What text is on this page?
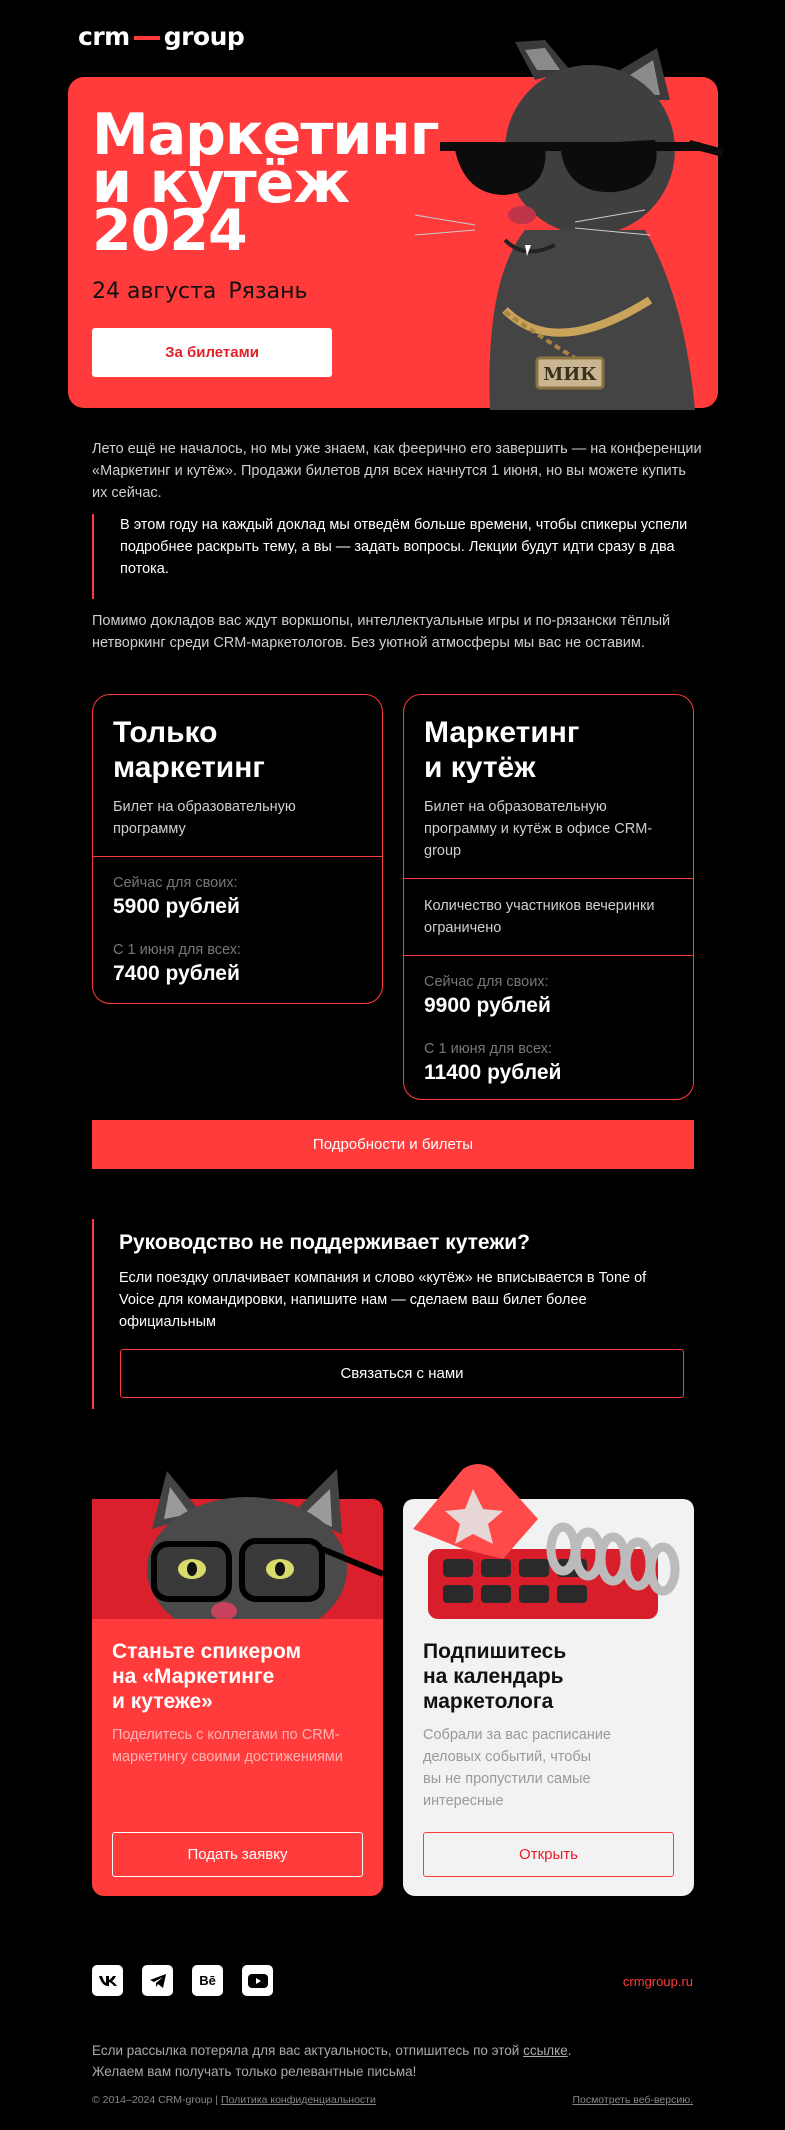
crm group
Маркетинг
и кутёж
2024
24 августа Рязань
За билетами
МИК

Лето ещё не началось, но мы уже знаем, как феерично его завершить — на конференции «Маркетинг и кутёж». Продажи билетов для всех начнутся 1 июня, но вы можете купить их сейчас.

В этом году на каждый доклад мы отведём больше времени, чтобы спикеры успели подробнее раскрыть тему, а вы — задать вопросы. Лекции будут идти сразу в два потока.

Помимо докладов вас ждут воркшопы, интеллектуальные игры и по-рязански тёплый нетворкинг среди CRM-маркетологов. Без уютной атмосферы мы вас не оставим.

Только
маркетинг

Билет на образовательную программу

Сейчас для своих:
5900 рублей
С 1 июня для всех:
7400 рублей
Маркетинг
и кутёж

Билет на образовательную программу и кутёж в офисе CRM-group

Количество участников вечеринки ограничено
Сейчас для своих:
9900 рублей
С 1 июня для всех:
11400 рублей
Подробности и билеты
Руководство не поддерживает кутежи?

Если поездку оплачивает компания и слово «кутёж» не вписывается в Tone of Voice для командировки, напишите нам — сделаем ваш билет более официальным

Связаться с нами
Станьте спикером
на «Маркетинге
и кутеже»

Поделитесь с коллегами по CRM-маркетингу своими достижениями

Подать заявку
Подпишитесь
на календарь
маркетолога

Собрали за вас расписание
деловых событий, чтобы
вы не пропустили самые
интересные

Открыть
Bē	crmgroup.ru
Если рассылка потеряла для вас актуальность, отпишитесь по этой ссылке.
Желаем вам получать только релевантные письма!
© 2014–2024 CRM-group | Политика конфиденциальности	Посмотреть веб-версию.
